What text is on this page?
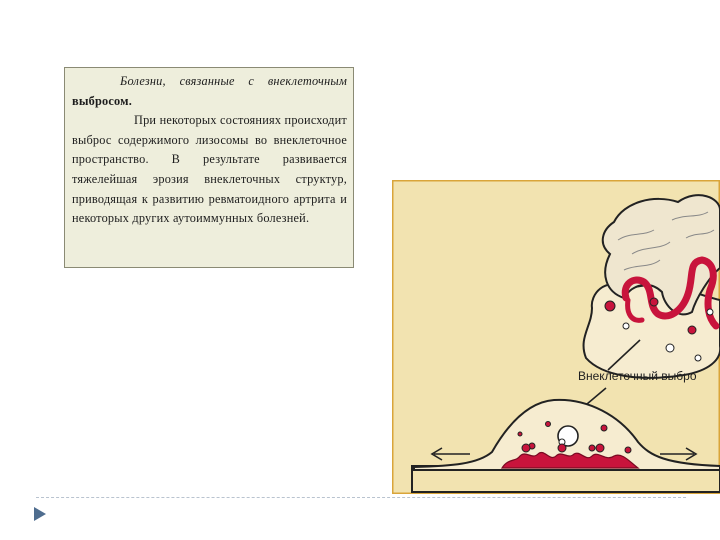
Болезни, связанные с внеклеточным выбросом.

При некоторых состояниях происходит выброс содержимого лизосомы во внеклеточное пространство. В результате развивается тяжелейшая эрозия внеклеточных структур, приводящая к развитию ревматоидного артрита и некоторых других аутоиммунных болезней.

Внеклеточный выбро
